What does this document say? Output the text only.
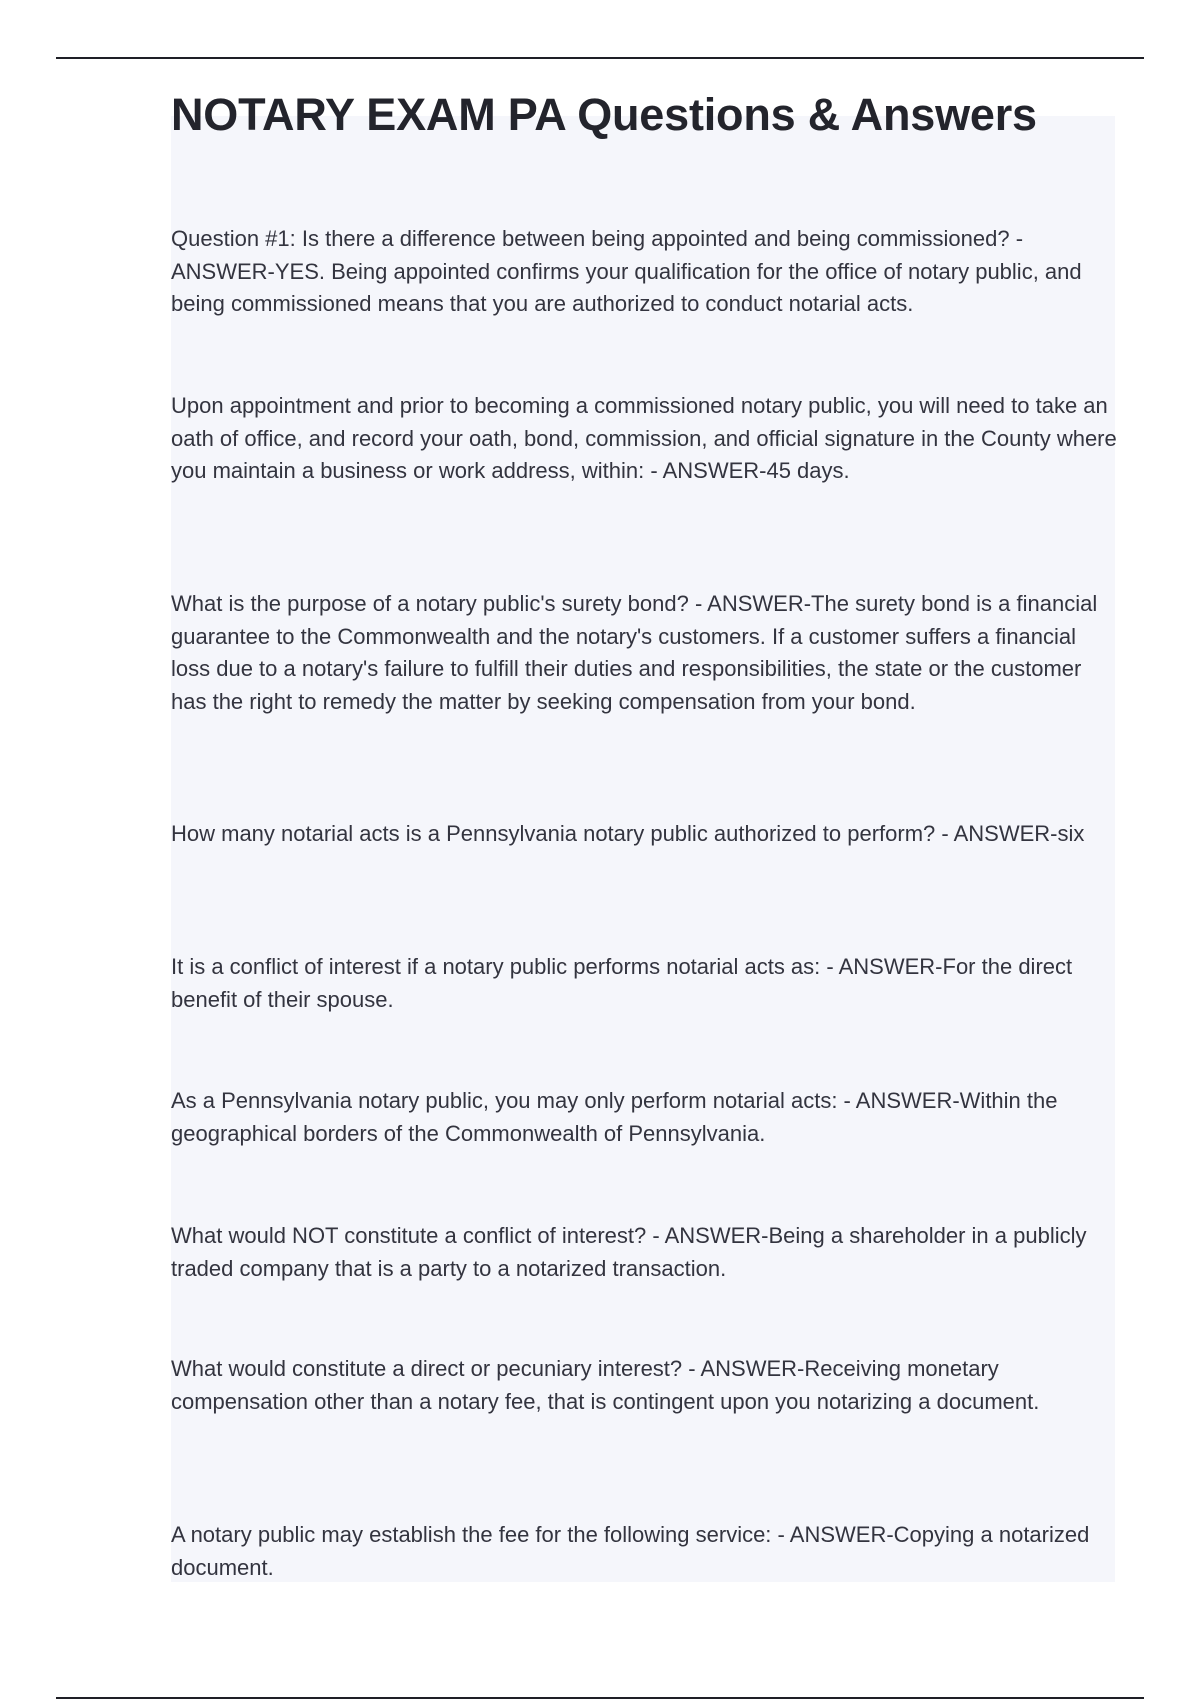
NOTARY EXAM PA Questions & Answers

Question #1: Is there a difference between being appointed and being commissioned? - ANSWER-YES. Being appointed confirms your qualification for the office of notary public, and being commissioned means that you are authorized to conduct notarial acts.

Upon appointment and prior to becoming a commissioned notary public, you will need to take an oath of office, and record your oath, bond, commission, and official signature in the County where you maintain a business or work address, within: - ANSWER-45 days.

What is the purpose of a notary public's surety bond? - ANSWER-The surety bond is a financial guarantee to the Commonwealth and the notary's customers. If a customer suffers a financial loss due to a notary's failure to fulfill their duties and responsibilities, the state or the customer has the right to remedy the matter by seeking compensation from your bond.

How many notarial acts is a Pennsylvania notary public authorized to perform? - ANSWER-six

It is a conflict of interest if a notary public performs notarial acts as: - ANSWER-For the direct benefit of their spouse.

As a Pennsylvania notary public, you may only perform notarial acts: - ANSWER-Within the geographical borders of the Commonwealth of Pennsylvania.

What would NOT constitute a conflict of interest? - ANSWER-Being a shareholder in a publicly traded company that is a party to a notarized transaction.

What would constitute a direct or pecuniary interest? - ANSWER-Receiving monetary compensation other than a notary fee, that is contingent upon you notarizing a document.

A notary public may establish the fee for the following service: - ANSWER-Copying a notarized document.
